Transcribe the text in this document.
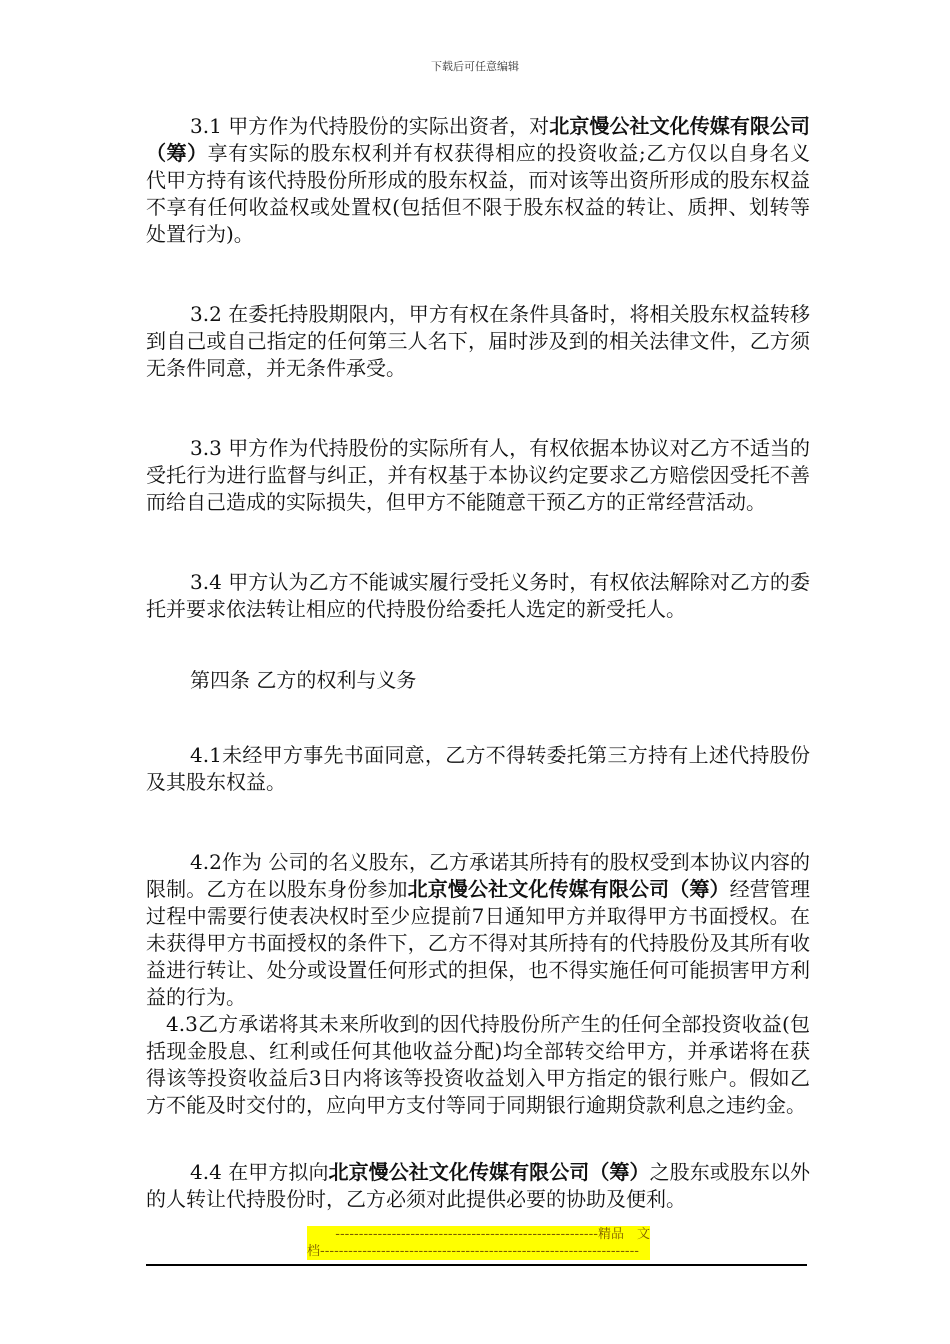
下载后可任意编辑

3.1 甲方作为代持股份的实际出资者，对北京慢公社文化传媒有限公司（筹）享有实际的股东权利并有权获得相应的投资收益;乙方仅以自身名义代甲方持有该代持股份所形成的股东权益，而对该等出资所形成的股东权益不享有任何收益权或处置权(包括但不限于股东权益的转让、质押、划转等处置行为)。

3.2 在委托持股期限内，甲方有权在条件具备时，将相关股东权益转移到自己或自己指定的任何第三人名下，届时涉及到的相关法律文件，乙方须无条件同意，并无条件承受。

3.3 甲方作为代持股份的实际所有人，有权依据本协议对乙方不适当的受托行为进行监督与纠正，并有权基于本协议约定要求乙方赔偿因受托不善而给自己造成的实际损失，但甲方不能随意干预乙方的正常经营活动。

3.4 甲方认为乙方不能诚实履行受托义务时，有权依法解除对乙方的委托并要求依法转让相应的代持股份给委托人选定的新受托人。

第四条 乙方的权利与义务

4.1未经甲方事先书面同意，乙方不得转委托第三方持有上述代持股份及其股东权益。

4.2作为 公司的名义股东，乙方承诺其所持有的股权受到本协议内容的限制。乙方在以股东身份参加北京慢公社文化传媒有限公司（筹）经营管理过程中需要行使表决权时至少应提前7日通知甲方并取得甲方书面授权。在未获得甲方书面授权的条件下，乙方不得对其所持有的代持股份及其所有收益进行转让、处分或设置任何形式的担保，也不得实施任何可能损害甲方利益的行为。

4.3乙方承诺将其未来所收到的因代持股份所产生的任何全部投资收益(包括现金股息、红利或任何其他收益分配)均全部转交给甲方，并承诺将在获得该等投资收益后3日内将该等投资收益划入甲方指定的银行账户。假如乙方不能及时交付的，应向甲方支付等同于同期银行逾期贷款利息之违约金。

4.4 在甲方拟向北京慢公社文化传媒有限公司（筹）之股东或股东以外的人转让代持股份时，乙方必须对此提供必要的协助及便利。

--------------------------------------------------------精品　文
档--------------------------------------------------------------------
